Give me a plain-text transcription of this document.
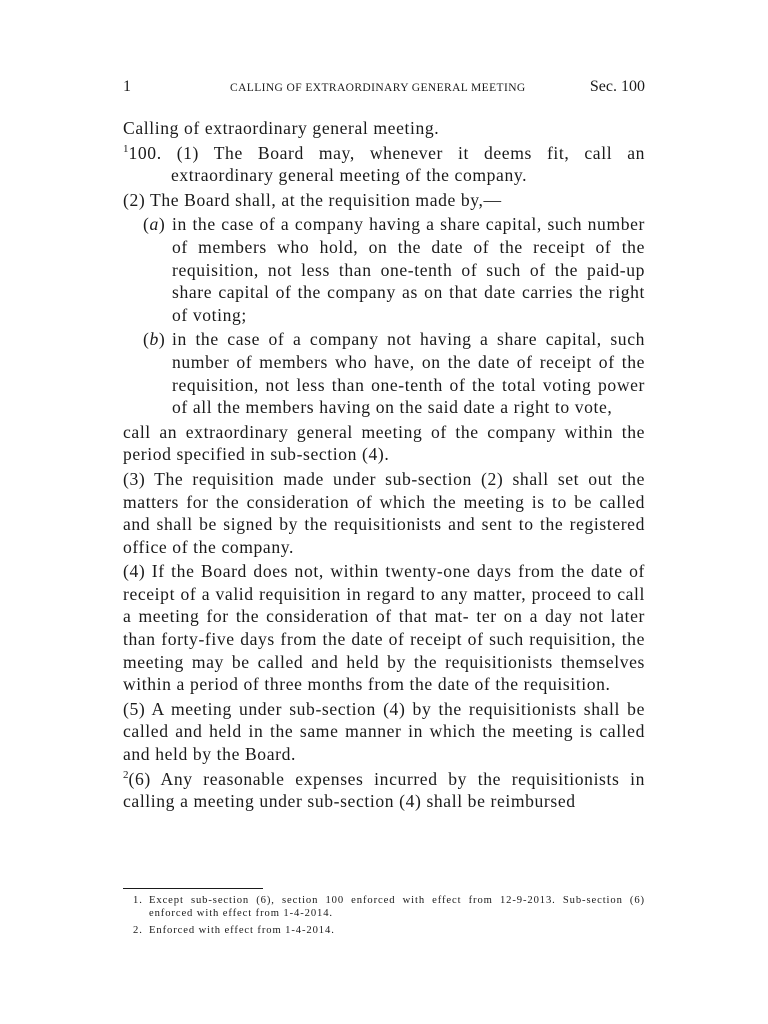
1	CALLING OF EXTRAORDINARY GENERAL MEETING	Sec. 100

Calling of extraordinary general meeting.

$^1$100. (1) The Board may, whenever it deems fit, call an extraordinary general meeting of the company.

(2) The Board shall, at the requisition made by,—

(a) in the case of a company having a share capital, such number of members who hold, on the date of the receipt of the requisition, not less than one-tenth of such of the paid-up share capital of the company as on that date carries the right of voting;
(b) in the case of a company not having a share capital, such number of members who have, on the date of receipt of the requisition, not less than one-tenth of the total voting power of all the members having on the said date a right to vote,

call an extraordinary general meeting of the company within the period specified in sub-section (4).

(3) The requisition made under sub-section (2) shall set out the matters for the consideration of which the meeting is to be called and shall be signed by the requisitionists and sent to the registered office of the company.

(4) If the Board does not, within twenty-one days from the date of receipt of a valid requisition in regard to any matter, proceed to call a meeting for the consideration of that mat- ter on a day not later than forty-five days from the date of receipt of such requisition, the meeting may be called and held by the requisitionists themselves within a period of three months from the date of the requisition.

(5) A meeting under sub-section (4) by the requisitionists shall be called and held in the same manner in which the meeting is called and held by the Board.

$^2$(6) Any reasonable expenses incurred by the requisitionists in calling a meeting under sub-section (4) shall be reimbursed

1. Except sub-section (6), section 100 enforced with effect from 12-9-2013. Sub-section (6) enforced with effect from 1-4-2014.
2. Enforced with effect from 1-4-2014.
